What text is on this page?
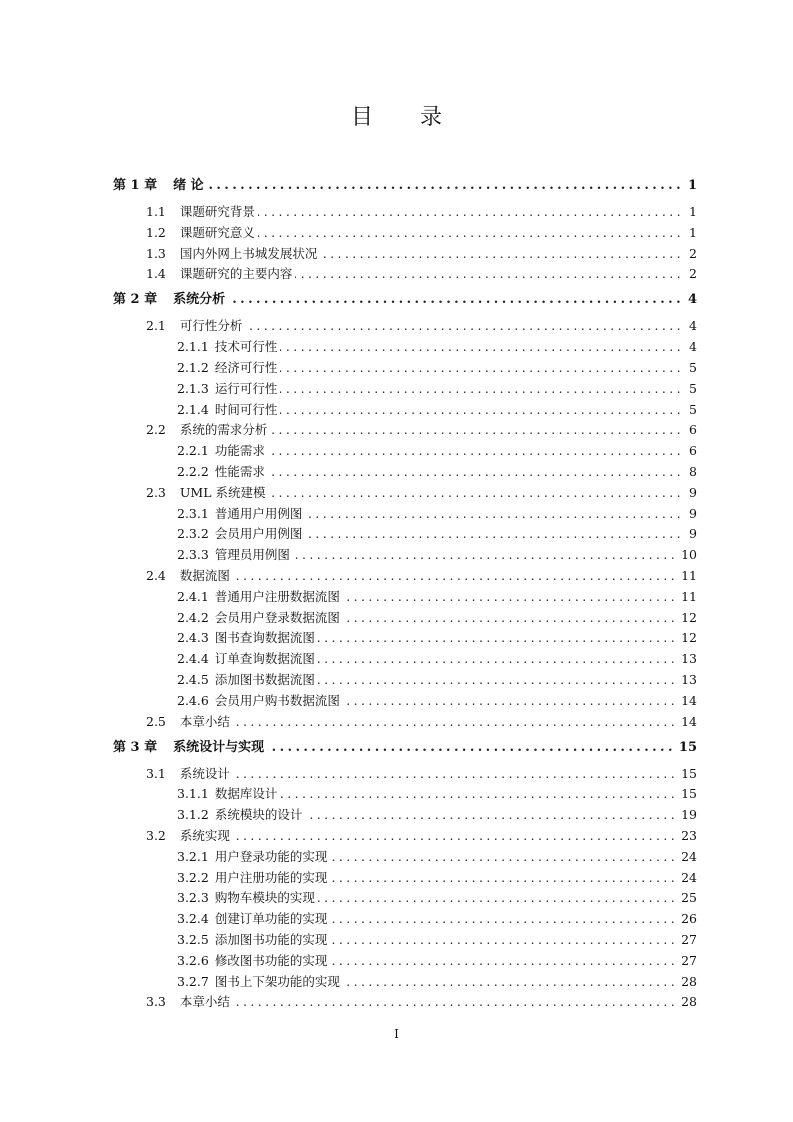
目 录
第 1 章 绪 论 .....	1
1.1 课题研究背景 .....	1
1.2 课题研究意义 .....	1
1.3 国内外网上书城发展状况 .....	2
1.4 课题研究的主要内容 .....	2
第 2 章 系统分析 .....	4
2.1 可行性分析 .....	4
2.1.1 技术可行性 .....	4
2.1.2 经济可行性 .....	5
2.1.3 运行可行性 .....	5
2.1.4 时间可行性 .....	5
2.2 系统的需求分析 .....	6
2.2.1 功能需求 .....	6
2.2.2 性能需求 .....	8
2.3 UML 系统建模 .....	9
2.3.1 普通用户用例图 .....	9
2.3.2 会员用户用例图 .....	9
2.3.3 管理员用例图 .....	10
2.4 数据流图 .....	11
2.4.1 普通用户注册数据流图 .....	11
2.4.2 会员用户登录数据流图 .....	12
2.4.3 图书查询数据流图 .....	12
2.4.4 订单查询数据流图 .....	13
2.4.5 添加图书数据流图 .....	13
2.4.6 会员用户购书数据流图 .....	14
2.5 本章小结 .....	14
第 3 章 系统设计与实现 .....	15
3.1 系统设计 .....	15
3.1.1 数据库设计 .....	15
3.1.2 系统模块的设计 .....	19
3.2 系统实现 .....	23
3.2.1 用户登录功能的实现 .....	24
3.2.2 用户注册功能的实现 .....	24
3.2.3 购物车模块的实现 .....	25
3.2.4 创建订单功能的实现 .....	26
3.2.5 添加图书功能的实现 .....	27
3.2.6 修改图书功能的实现 .....	27
3.2.7 图书上下架功能的实现 .....	28
3.3 本章小结 .....	28
I
